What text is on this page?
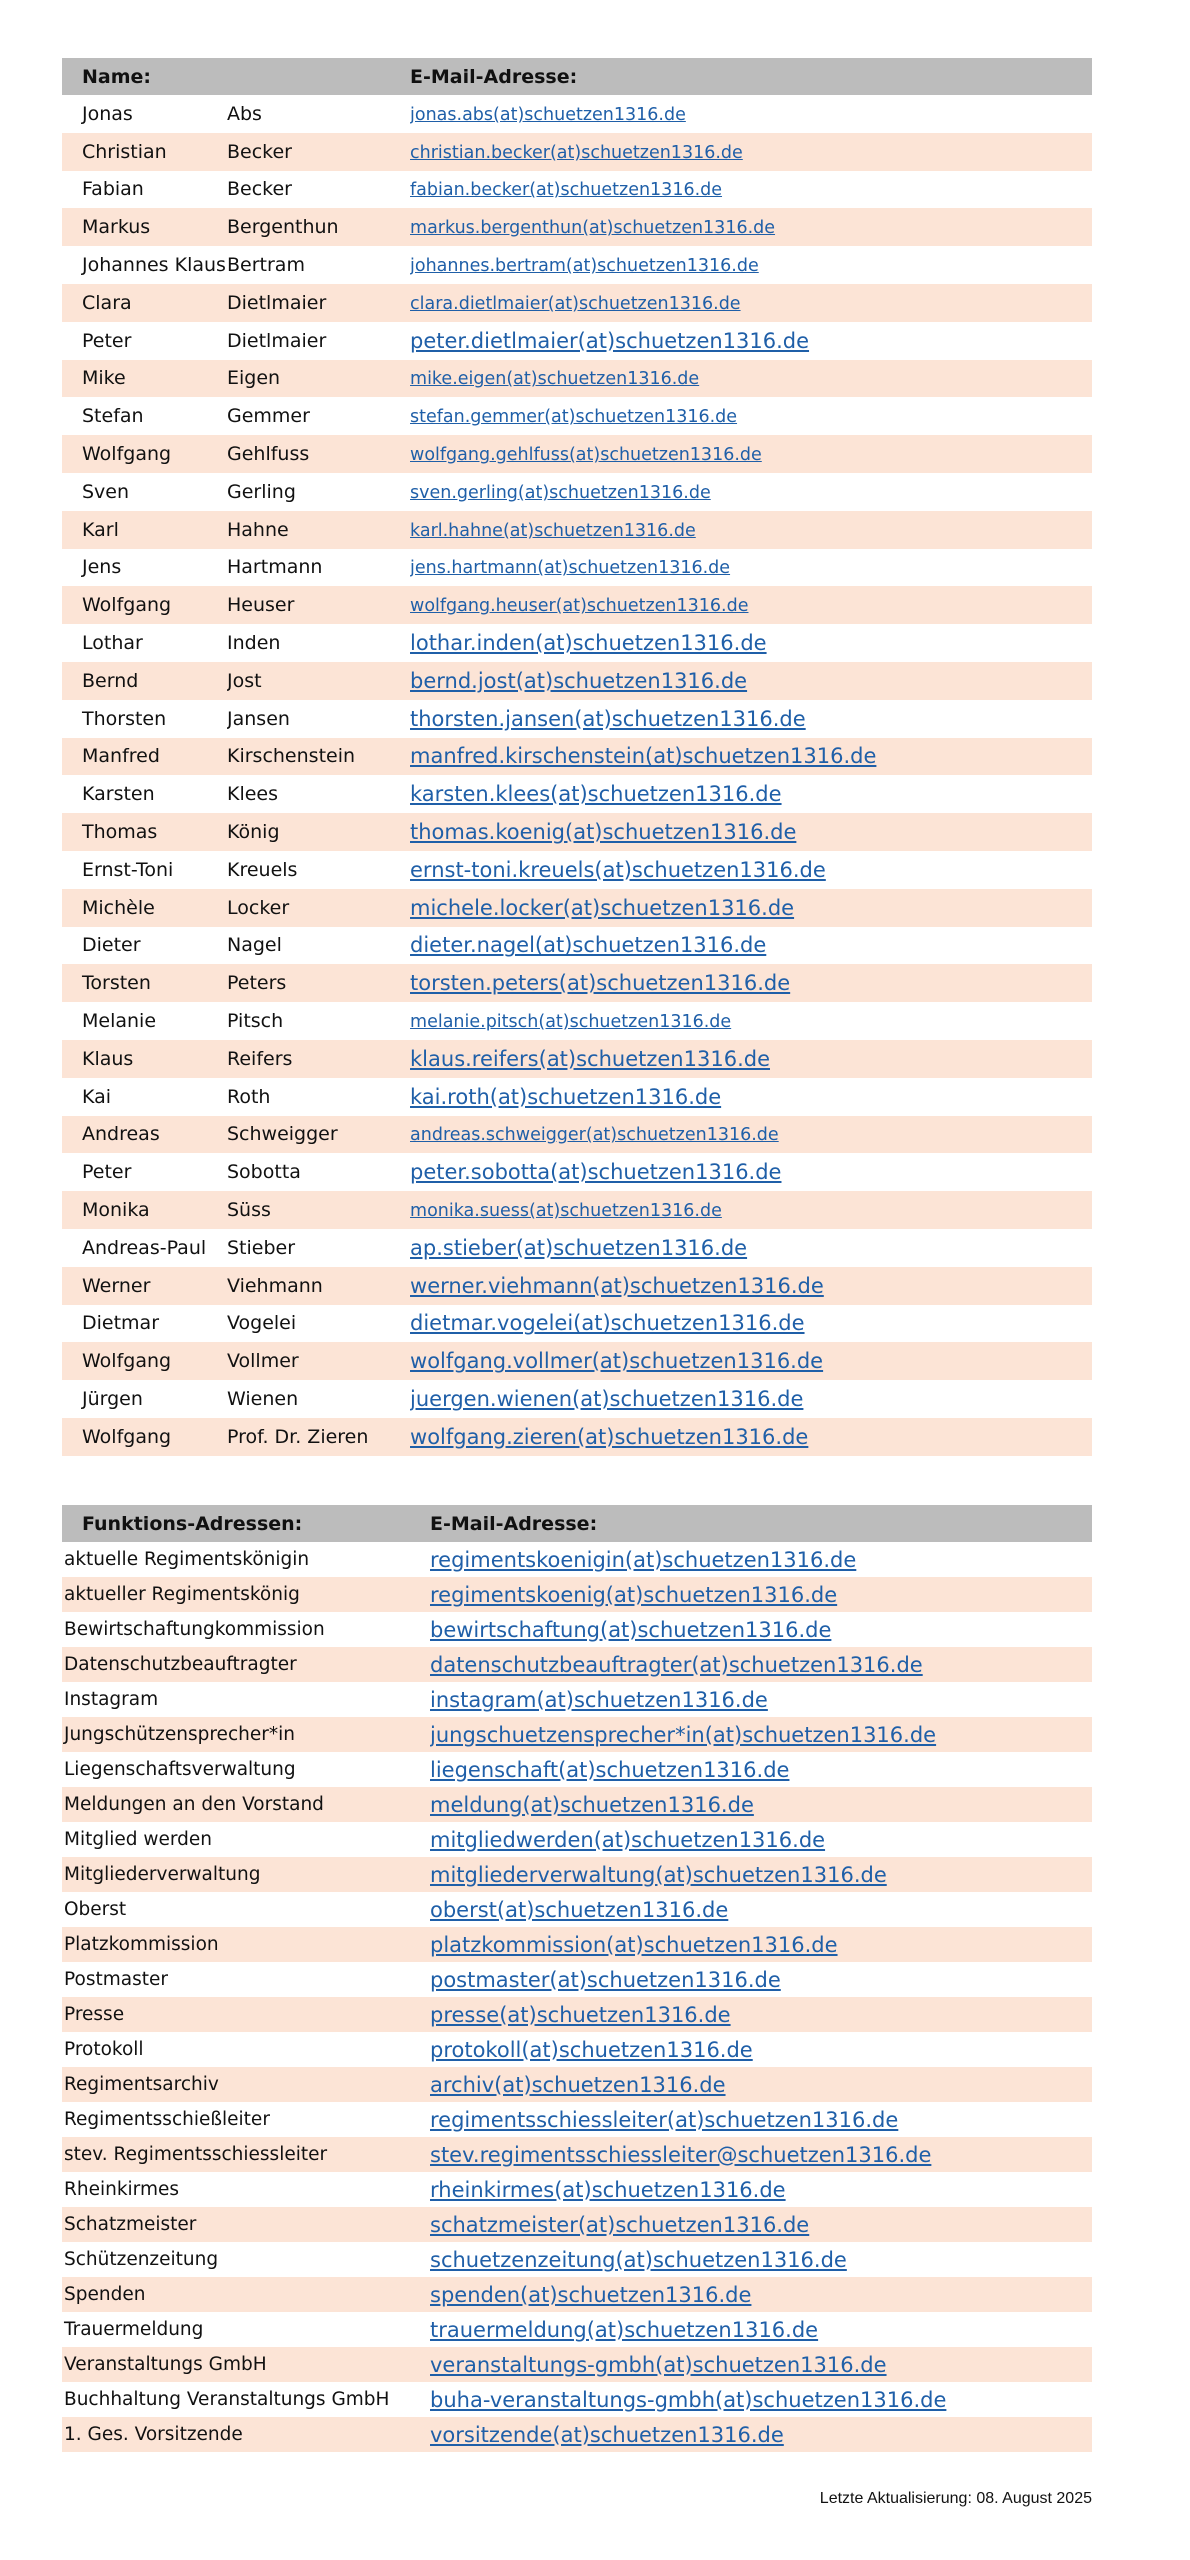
Name:		E-Mail-Adresse:
Jonas	Abs	jonas.abs(at)schuetzen1316.de
Christian	Becker	christian.becker(at)schuetzen1316.de
Fabian	Becker	fabian.becker(at)schuetzen1316.de
Markus	Bergenthun	markus.bergenthun(at)schuetzen1316.de
Johannes Klaus	Bertram	johannes.bertram(at)schuetzen1316.de
Clara	Dietlmaier	clara.dietlmaier(at)schuetzen1316.de
Peter	Dietlmaier	peter.dietlmaier(at)schuetzen1316.de
Mike	Eigen	mike.eigen(at)schuetzen1316.de
Stefan	Gemmer	stefan.gemmer(at)schuetzen1316.de
Wolfgang	Gehlfuss	wolfgang.gehlfuss(at)schuetzen1316.de
Sven	Gerling	sven.gerling(at)schuetzen1316.de
Karl	Hahne	karl.hahne(at)schuetzen1316.de
Jens	Hartmann	jens.hartmann(at)schuetzen1316.de
Wolfgang	Heuser	wolfgang.heuser(at)schuetzen1316.de
Lothar	Inden	lothar.inden(at)schuetzen1316.de
Bernd	Jost	bernd.jost(at)schuetzen1316.de
Thorsten	Jansen	thorsten.jansen(at)schuetzen1316.de
Manfred	Kirschenstein	manfred.kirschenstein(at)schuetzen1316.de
Karsten	Klees	karsten.klees(at)schuetzen1316.de
Thomas	König	thomas.koenig(at)schuetzen1316.de
Ernst-Toni	Kreuels	ernst-toni.kreuels(at)schuetzen1316.de
Michèle	Locker	michele.locker(at)schuetzen1316.de
Dieter	Nagel	dieter.nagel(at)schuetzen1316.de
Torsten	Peters	torsten.peters(at)schuetzen1316.de
Melanie	Pitsch	melanie.pitsch(at)schuetzen1316.de
Klaus	Reifers	klaus.reifers(at)schuetzen1316.de
Kai	Roth	kai.roth(at)schuetzen1316.de
Andreas	Schweigger	andreas.schweigger(at)schuetzen1316.de
Peter	Sobotta	peter.sobotta(at)schuetzen1316.de
Monika	Süss	monika.suess(at)schuetzen1316.de
Andreas-Paul	Stieber	ap.stieber(at)schuetzen1316.de
Werner	Viehmann	werner.viehmann(at)schuetzen1316.de
Dietmar	Vogelei	dietmar.vogelei(at)schuetzen1316.de
Wolfgang	Vollmer	wolfgang.vollmer(at)schuetzen1316.de
Jürgen	Wienen	juergen.wienen(at)schuetzen1316.de
Wolfgang	Prof. Dr. Zieren	wolfgang.zieren(at)schuetzen1316.de
Funktions-Adressen:	E-Mail-Adresse:
aktuelle Regimentskönigin	regimentskoenigin(at)schuetzen1316.de
aktueller Regimentskönig	regimentskoenig(at)schuetzen1316.de
Bewirtschaftungkommission	bewirtschaftung(at)schuetzen1316.de
Datenschutzbeauftragter	datenschutzbeauftragter(at)schuetzen1316.de
Instagram	instagram(at)schuetzen1316.de
Jungschützensprecher*in	jungschuetzensprecher*in(at)schuetzen1316.de
Liegenschaftsverwaltung	liegenschaft(at)schuetzen1316.de
Meldungen an den Vorstand	meldung(at)schuetzen1316.de
Mitglied werden	mitgliedwerden(at)schuetzen1316.de
Mitgliederverwaltung	mitgliederverwaltung(at)schuetzen1316.de
Oberst	oberst(at)schuetzen1316.de
Platzkommission	platzkommission(at)schuetzen1316.de
Postmaster	postmaster(at)schuetzen1316.de
Presse	presse(at)schuetzen1316.de
Protokoll	protokoll(at)schuetzen1316.de
Regimentsarchiv	archiv(at)schuetzen1316.de
Regimentsschießleiter	regimentsschiessleiter(at)schuetzen1316.de
stev. Regimentsschiessleiter	stev.regimentsschiessleiter@schuetzen1316.de
Rheinkirmes	rheinkirmes(at)schuetzen1316.de
Schatzmeister	schatzmeister(at)schuetzen1316.de
Schützenzeitung	schuetzenzeitung(at)schuetzen1316.de
Spenden	spenden(at)schuetzen1316.de
Trauermeldung	trauermeldung(at)schuetzen1316.de
Veranstaltungs GmbH	veranstaltungs-gmbh(at)schuetzen1316.de
Buchhaltung Veranstaltungs GmbH	buha-veranstaltungs-gmbh(at)schuetzen1316.de
1. Ges. Vorsitzende	vorsitzende(at)schuetzen1316.de
Letzte Aktualisierung: 08. August 2025
